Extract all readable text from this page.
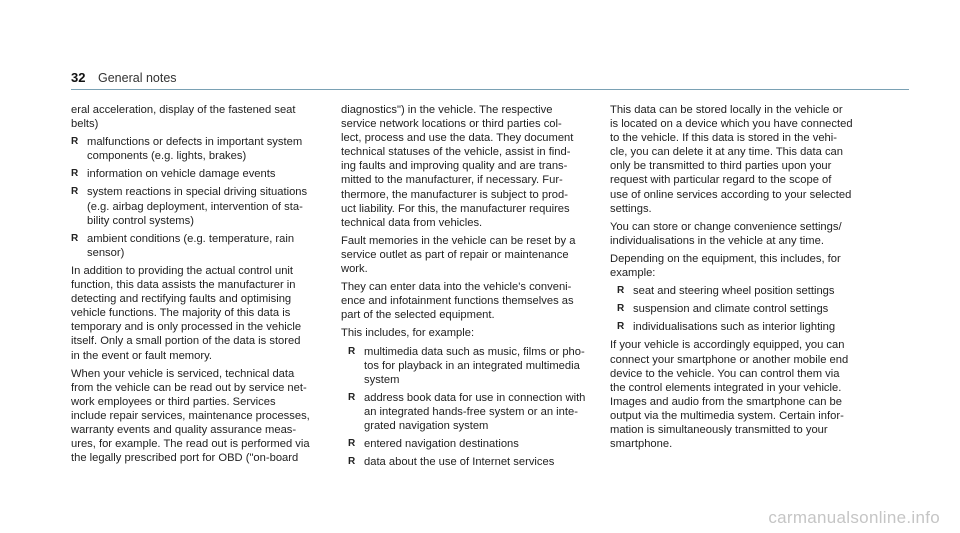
32 General notes
eral acceleration, display of the fastened seat
belts)
R malfunctions or defects in important system
components (e.g. lights, brakes)
R information on vehicle damage events
R system reactions in special driving situations
(e.g. airbag deployment, intervention of sta‐
bility control systems)
R ambient conditions (e.g. temperature, rain
sensor)
In addition to providing the actual control unit
function, this data assists the manufacturer in
detecting and rectifying faults and optimising
vehicle functions. The majority of this data is
temporary and is only processed in the vehicle
itself. Only a small portion of the data is stored
in the event or fault memory.
When your vehicle is serviced, technical data
from the vehicle can be read out by service net‐
work employees or third parties. Services
include repair services, maintenance processes,
warranty events and quality assurance meas‐
ures, for example. The read out is performed via
the legally prescribed port for OBD ("on-board
diagnostics") in the vehicle. The respective
service network locations or third parties col‐
lect, process and use the data. They document
technical statuses of the vehicle, assist in find‐
ing faults and improving quality and are trans‐
mitted to the manufacturer, if necessary. Fur‐
thermore, the manufacturer is subject to prod‐
uct liability. For this, the manufacturer requires
technical data from vehicles.
Fault memories in the vehicle can be reset by a
service outlet as part of repair or maintenance
work.
They can enter data into the vehicle's conveni‐
ence and infotainment functions themselves as
part of the selected equipment.
This includes, for example:
R multimedia data such as music, films or pho‐
tos for playback in an integrated multimedia
system
R address book data for use in connection with
an integrated hands-free system or an inte‐
grated navigation system
R entered navigation destinations
R data about the use of Internet services
This data can be stored locally in the vehicle or
is located on a device which you have connected
to the vehicle. If this data is stored in the vehi‐
cle, you can delete it at any time. This data can
only be transmitted to third parties upon your
request with particular regard to the scope of
use of online services according to your selected
settings.
You can store or change convenience settings/
individualisations in the vehicle at any time.
Depending on the equipment, this includes, for
example:
R seat and steering wheel position settings
R suspension and climate control settings
R individualisations such as interior lighting
If your vehicle is accordingly equipped, you can
connect your smartphone or another mobile end
device to the vehicle. You can control them via
the control elements integrated in your vehicle.
Images and audio from the smartphone can be
output via the multimedia system. Certain infor‐
mation is simultaneously transmitted to your
smartphone.
carmanualsonline.info
